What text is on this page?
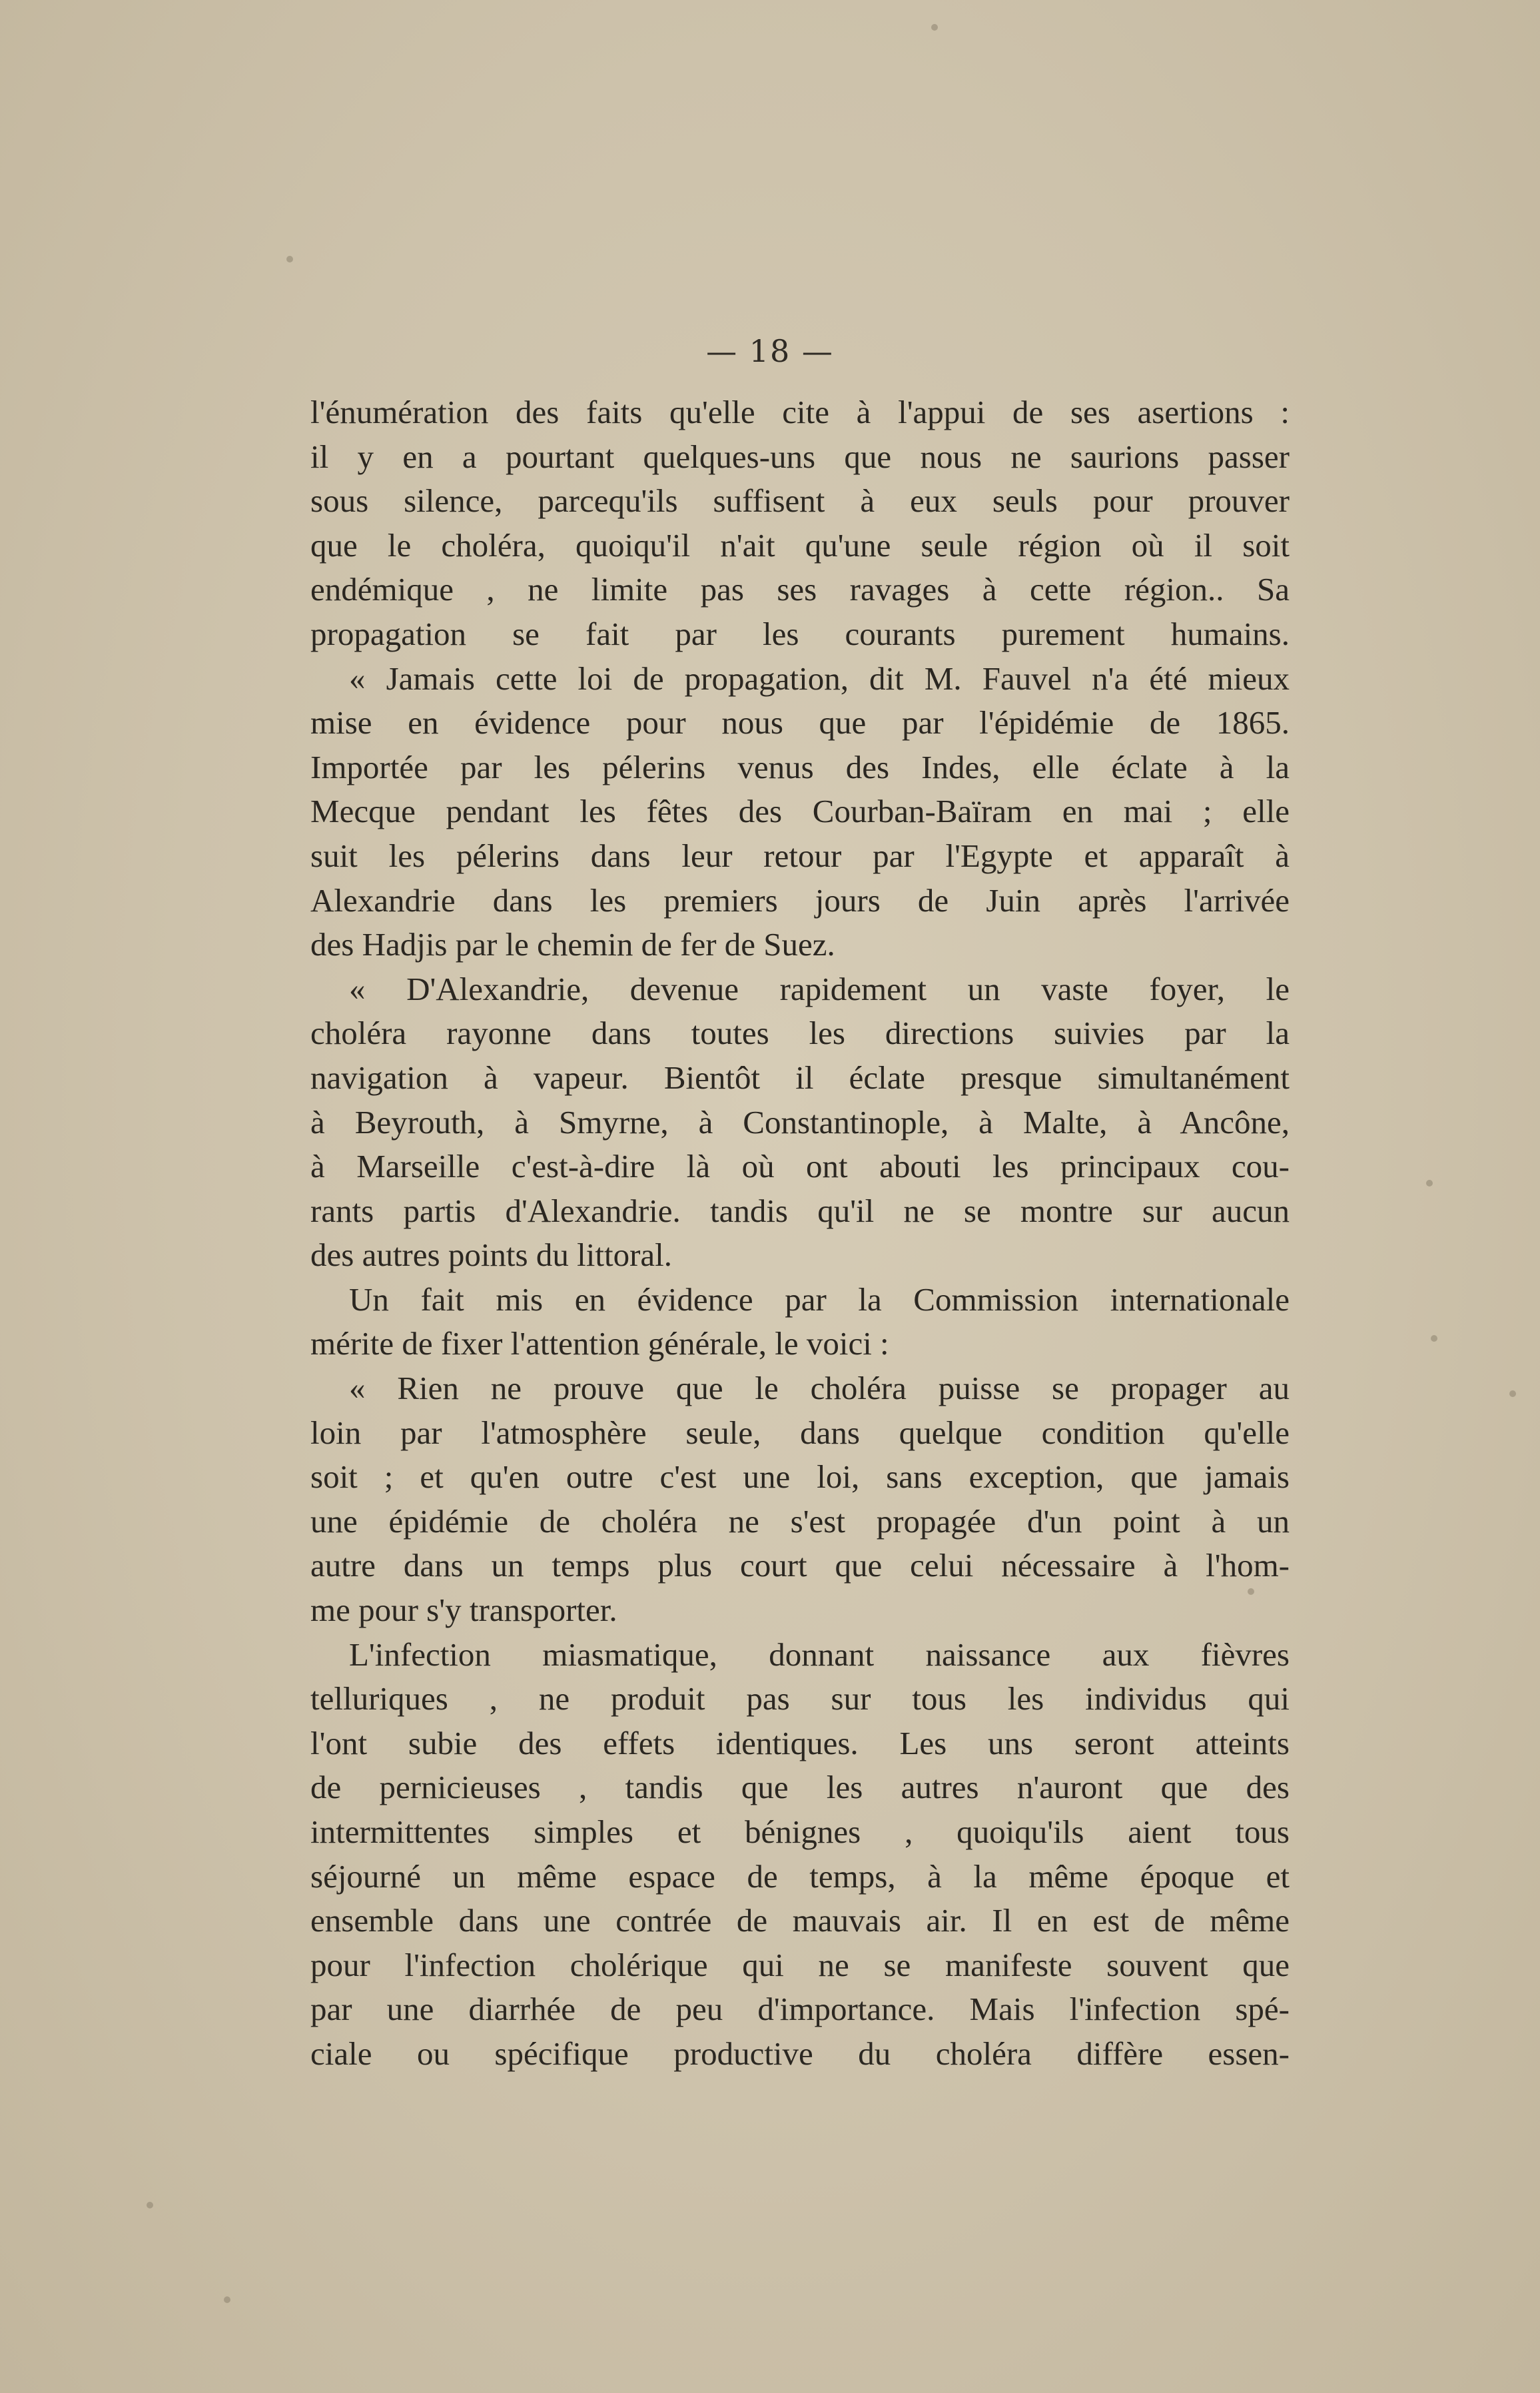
— 18 —
l'énumération des faits qu'elle cite à l'appui de ses asertions :
il y en a pourtant quelques-uns que nous ne saurions passer
sous silence, parcequ'ils suffisent à eux seuls pour prouver
que le choléra, quoiqu'il n'ait qu'une seule région où il soit
endémique , ne limite pas ses ravages à cette région.. Sa
propagation se fait par les courants purement humains.
« Jamais cette loi de propagation, dit M. Fauvel n'a été mieux
mise en évidence pour nous que par l'épidémie de 1865.
Importée par les pélerins venus des Indes, elle éclate à la
Mecque pendant les fêtes des Courban-Baïram en mai ; elle
suit les pélerins dans leur retour par l'Egypte et apparaît à
Alexandrie dans les premiers jours de Juin après l'arrivée
des Hadjis par le chemin de fer de Suez.
« D'Alexandrie, devenue rapidement un vaste foyer, le
choléra rayonne dans toutes les directions suivies par la
navigation à vapeur. Bientôt il éclate presque simultanément
à Beyrouth, à Smyrne, à Constantinople, à Malte, à Ancône,
à Marseille c'est-à-dire là où ont abouti les principaux cou-
rants partis d'Alexandrie. tandis qu'il ne se montre sur aucun
des autres points du littoral.
Un fait mis en évidence par la Commission internationale
mérite de fixer l'attention générale, le voici :
« Rien ne prouve que le choléra puisse se propager au
loin par l'atmosphère seule, dans quelque condition qu'elle
soit ; et qu'en outre c'est une loi, sans exception, que jamais
une épidémie de choléra ne s'est propagée d'un point à un
autre dans un temps plus court que celui nécessaire à l'hom-
me pour s'y transporter.
L'infection miasmatique, donnant naissance aux fièvres
telluriques , ne produit pas sur tous les individus qui
l'ont subie des effets identiques. Les uns seront atteints
de pernicieuses , tandis que les autres n'auront que des
intermittentes simples et bénignes , quoiqu'ils aient tous
séjourné un même espace de temps, à la même époque et
ensemble dans une contrée de mauvais air. Il en est de même
pour l'infection cholérique qui ne se manifeste souvent que
par une diarrhée de peu d'importance. Mais l'infection spé-
ciale ou spécifique productive du choléra diffère essen-
